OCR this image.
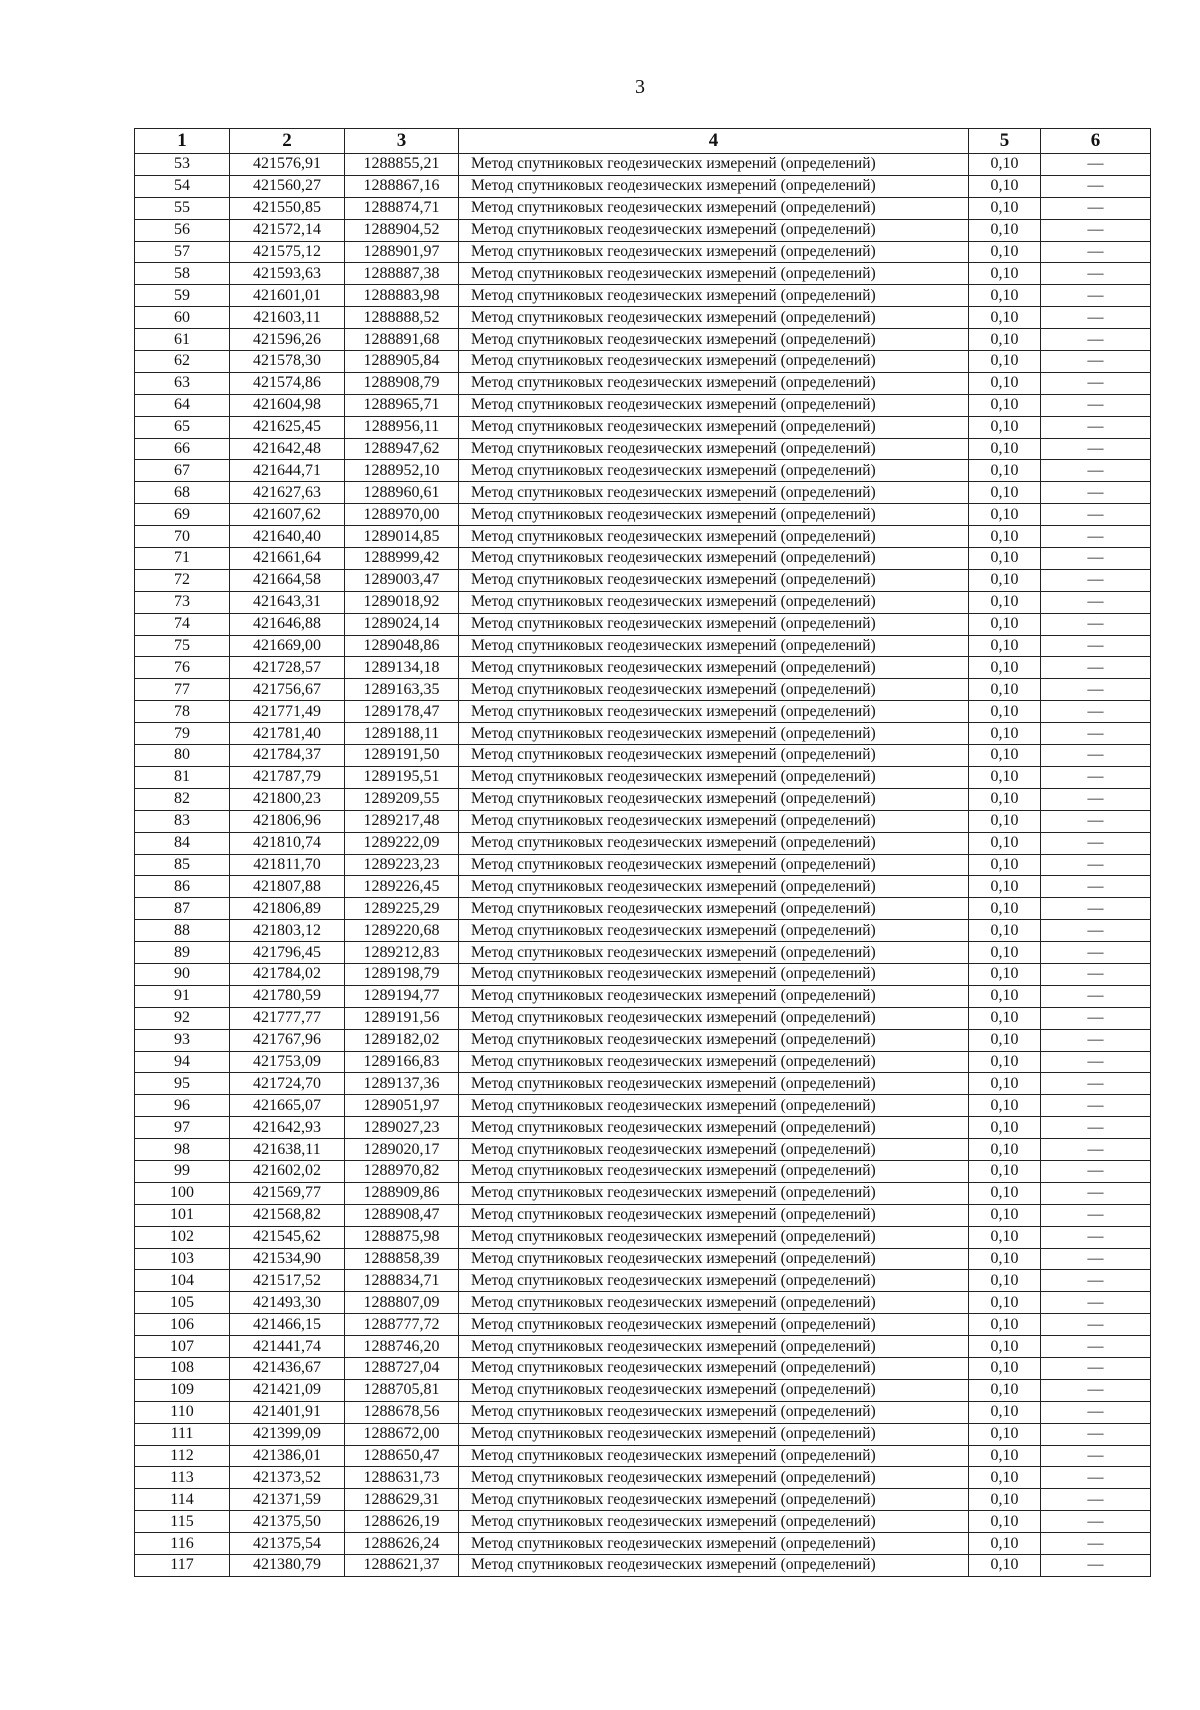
3
1	2	3	4	5	6
53	421576,91	1288855,21	Метод спутниковых геодезических измерений (определений)	0,10	—
54	421560,27	1288867,16	Метод спутниковых геодезических измерений (определений)	0,10	—
55	421550,85	1288874,71	Метод спутниковых геодезических измерений (определений)	0,10	—
56	421572,14	1288904,52	Метод спутниковых геодезических измерений (определений)	0,10	—
57	421575,12	1288901,97	Метод спутниковых геодезических измерений (определений)	0,10	—
58	421593,63	1288887,38	Метод спутниковых геодезических измерений (определений)	0,10	—
59	421601,01	1288883,98	Метод спутниковых геодезических измерений (определений)	0,10	—
60	421603,11	1288888,52	Метод спутниковых геодезических измерений (определений)	0,10	—
61	421596,26	1288891,68	Метод спутниковых геодезических измерений (определений)	0,10	—
62	421578,30	1288905,84	Метод спутниковых геодезических измерений (определений)	0,10	—
63	421574,86	1288908,79	Метод спутниковых геодезических измерений (определений)	0,10	—
64	421604,98	1288965,71	Метод спутниковых геодезических измерений (определений)	0,10	—
65	421625,45	1288956,11	Метод спутниковых геодезических измерений (определений)	0,10	—
66	421642,48	1288947,62	Метод спутниковых геодезических измерений (определений)	0,10	—
67	421644,71	1288952,10	Метод спутниковых геодезических измерений (определений)	0,10	—
68	421627,63	1288960,61	Метод спутниковых геодезических измерений (определений)	0,10	—
69	421607,62	1288970,00	Метод спутниковых геодезических измерений (определений)	0,10	—
70	421640,40	1289014,85	Метод спутниковых геодезических измерений (определений)	0,10	—
71	421661,64	1288999,42	Метод спутниковых геодезических измерений (определений)	0,10	—
72	421664,58	1289003,47	Метод спутниковых геодезических измерений (определений)	0,10	—
73	421643,31	1289018,92	Метод спутниковых геодезических измерений (определений)	0,10	—
74	421646,88	1289024,14	Метод спутниковых геодезических измерений (определений)	0,10	—
75	421669,00	1289048,86	Метод спутниковых геодезических измерений (определений)	0,10	—
76	421728,57	1289134,18	Метод спутниковых геодезических измерений (определений)	0,10	—
77	421756,67	1289163,35	Метод спутниковых геодезических измерений (определений)	0,10	—
78	421771,49	1289178,47	Метод спутниковых геодезических измерений (определений)	0,10	—
79	421781,40	1289188,11	Метод спутниковых геодезических измерений (определений)	0,10	—
80	421784,37	1289191,50	Метод спутниковых геодезических измерений (определений)	0,10	—
81	421787,79	1289195,51	Метод спутниковых геодезических измерений (определений)	0,10	—
82	421800,23	1289209,55	Метод спутниковых геодезических измерений (определений)	0,10	—
83	421806,96	1289217,48	Метод спутниковых геодезических измерений (определений)	0,10	—
84	421810,74	1289222,09	Метод спутниковых геодезических измерений (определений)	0,10	—
85	421811,70	1289223,23	Метод спутниковых геодезических измерений (определений)	0,10	—
86	421807,88	1289226,45	Метод спутниковых геодезических измерений (определений)	0,10	—
87	421806,89	1289225,29	Метод спутниковых геодезических измерений (определений)	0,10	—
88	421803,12	1289220,68	Метод спутниковых геодезических измерений (определений)	0,10	—
89	421796,45	1289212,83	Метод спутниковых геодезических измерений (определений)	0,10	—
90	421784,02	1289198,79	Метод спутниковых геодезических измерений (определений)	0,10	—
91	421780,59	1289194,77	Метод спутниковых геодезических измерений (определений)	0,10	—
92	421777,77	1289191,56	Метод спутниковых геодезических измерений (определений)	0,10	—
93	421767,96	1289182,02	Метод спутниковых геодезических измерений (определений)	0,10	—
94	421753,09	1289166,83	Метод спутниковых геодезических измерений (определений)	0,10	—
95	421724,70	1289137,36	Метод спутниковых геодезических измерений (определений)	0,10	—
96	421665,07	1289051,97	Метод спутниковых геодезических измерений (определений)	0,10	—
97	421642,93	1289027,23	Метод спутниковых геодезических измерений (определений)	0,10	—
98	421638,11	1289020,17	Метод спутниковых геодезических измерений (определений)	0,10	—
99	421602,02	1288970,82	Метод спутниковых геодезических измерений (определений)	0,10	—
100	421569,77	1288909,86	Метод спутниковых геодезических измерений (определений)	0,10	—
101	421568,82	1288908,47	Метод спутниковых геодезических измерений (определений)	0,10	—
102	421545,62	1288875,98	Метод спутниковых геодезических измерений (определений)	0,10	—
103	421534,90	1288858,39	Метод спутниковых геодезических измерений (определений)	0,10	—
104	421517,52	1288834,71	Метод спутниковых геодезических измерений (определений)	0,10	—
105	421493,30	1288807,09	Метод спутниковых геодезических измерений (определений)	0,10	—
106	421466,15	1288777,72	Метод спутниковых геодезических измерений (определений)	0,10	—
107	421441,74	1288746,20	Метод спутниковых геодезических измерений (определений)	0,10	—
108	421436,67	1288727,04	Метод спутниковых геодезических измерений (определений)	0,10	—
109	421421,09	1288705,81	Метод спутниковых геодезических измерений (определений)	0,10	—
110	421401,91	1288678,56	Метод спутниковых геодезических измерений (определений)	0,10	—
111	421399,09	1288672,00	Метод спутниковых геодезических измерений (определений)	0,10	—
112	421386,01	1288650,47	Метод спутниковых геодезических измерений (определений)	0,10	—
113	421373,52	1288631,73	Метод спутниковых геодезических измерений (определений)	0,10	—
114	421371,59	1288629,31	Метод спутниковых геодезических измерений (определений)	0,10	—
115	421375,50	1288626,19	Метод спутниковых геодезических измерений (определений)	0,10	—
116	421375,54	1288626,24	Метод спутниковых геодезических измерений (определений)	0,10	—
117	421380,79	1288621,37	Метод спутниковых геодезических измерений (определений)	0,10	—
